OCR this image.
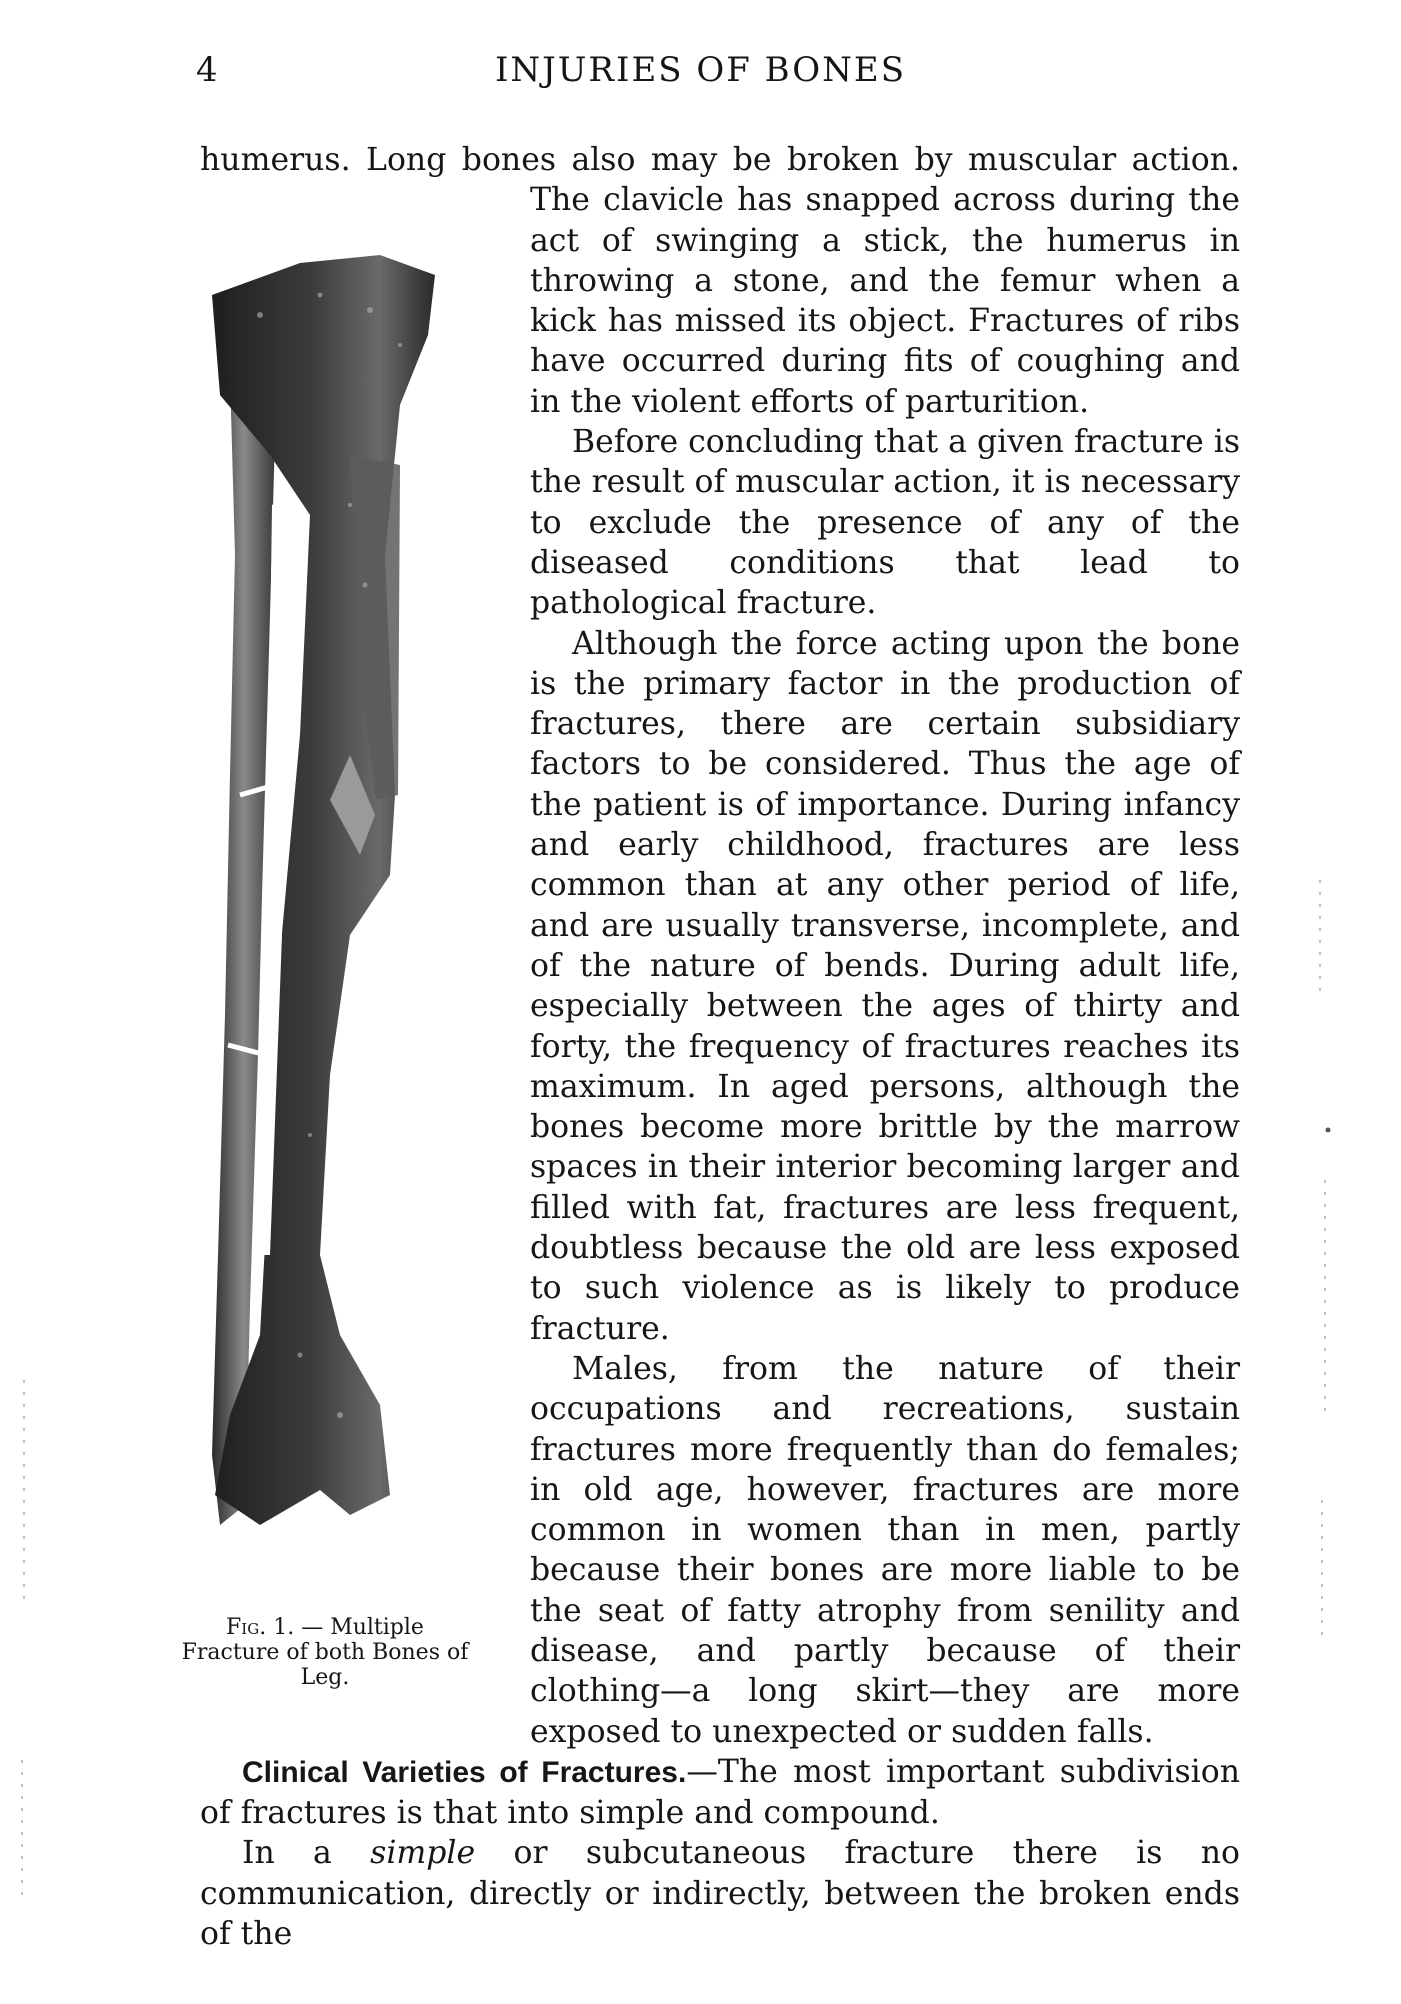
4	INJURIES OF BONES
Fig. 1. — Multiple Fracture of both Bones of Leg.

humerus. Long bones also may be broken by muscular action. The clavicle has snapped across during the act of swinging a stick, the humerus in throwing a stone, and the femur when a kick has missed its object. Fractures of ribs have occurred during fits of coughing and in the violent efforts of parturition.

Before concluding that a given fracture is the result of muscular action, it is necessary to exclude the presence of any of the diseased conditions that lead to pathological fracture.

Although the force acting upon the bone is the primary factor in the production of fractures, there are certain subsidiary factors to be considered. Thus the age of the patient is of importance. During infancy and early childhood, fractures are less common than at any other period of life, and are usually transverse, incomplete, and of the nature of bends. During adult life, especially between the ages of thirty and forty, the frequency of fractures reaches its maximum. In aged persons, although the bones become more brittle by the marrow spaces in their interior becoming larger and filled with fat, fractures are less frequent, doubtless because the old are less exposed to such violence as is likely to produce fracture.

Males, from the nature of their occupations and recreations, sustain fractures more frequently than do females; in old age, however, fractures are more common in women than in men, partly because their bones are more liable to be the seat of fatty atrophy from senility and disease, and partly because of their clothing—a long skirt—they are more exposed to unexpected or sudden falls.

Clinical Varieties of Fractures.—The most important subdivision of fractures is that into simple and compound.

In a simple or subcutaneous fracture there is no communication, directly or indirectly, between the broken ends of the
